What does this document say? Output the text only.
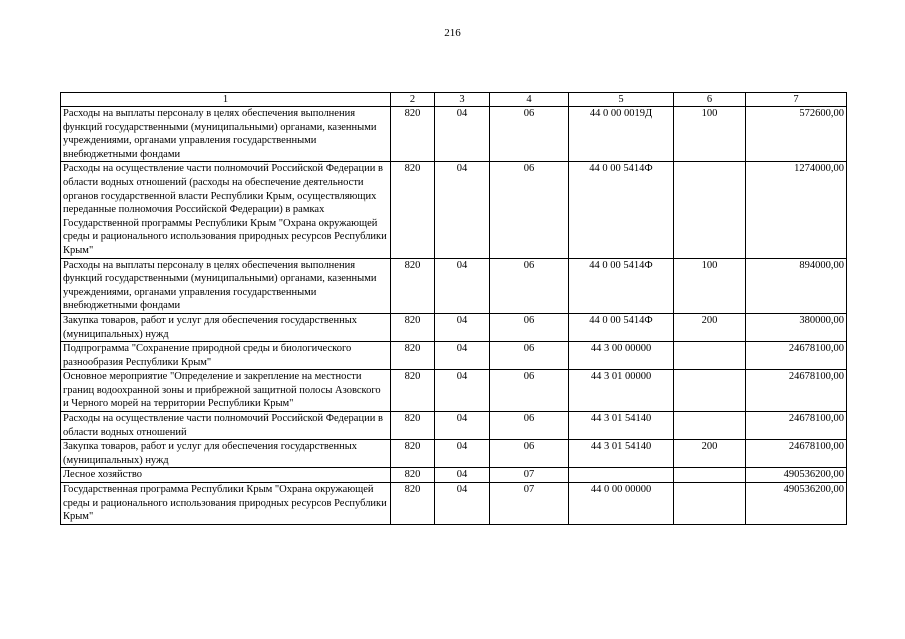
216
1	2	3	4	5	6	7
Расходы на выплаты персоналу в целях обеспечения выполнения функций государственными (муниципальными) органами, казенными учреждениями, органами управления государственными внебюджетными фондами	820	04	06	44 0 00 0019Д	100	572600,00
Расходы на осуществление части полномочий Российской Федерации в области водных отношений (расходы на обеспечение деятельности органов государственной власти Республики Крым, осуществляющих переданные полномочия Российской Федерации) в рамках Государственной программы Республики Крым "Охрана окружающей среды и рационального использования природных ресурсов Республики Крым"	820	04	06	44 0 00 5414Ф		1274000,00
Расходы на выплаты персоналу в целях обеспечения выполнения функций государственными (муниципальными) органами, казенными учреждениями, органами управления государственными внебюджетными фондами	820	04	06	44 0 00 5414Ф	100	894000,00
Закупка товаров, работ и услуг для обеспечения государственных (муниципальных) нужд	820	04	06	44 0 00 5414Ф	200	380000,00
Подпрограмма "Сохранение природной среды и биологического разнообразия Республики Крым"	820	04	06	44 3 00 00000		24678100,00
Основное мероприятие "Определение и закрепление на местности границ водоохранной зоны и прибрежной защитной полосы Азовского и Черного морей на территории Республики Крым"	820	04	06	44 3 01 00000		24678100,00
Расходы на осуществление части полномочий Российской Федерации в области водных отношений	820	04	06	44 3 01 54140		24678100,00
Закупка товаров, работ и услуг для обеспечения государственных (муниципальных) нужд	820	04	06	44 3 01 54140	200	24678100,00
Лесное хозяйство	820	04	07			490536200,00
Государственная программа Республики Крым "Охрана окружающей среды и рационального использования природных ресурсов Республики Крым"	820	04	07	44 0 00 00000		490536200,00
